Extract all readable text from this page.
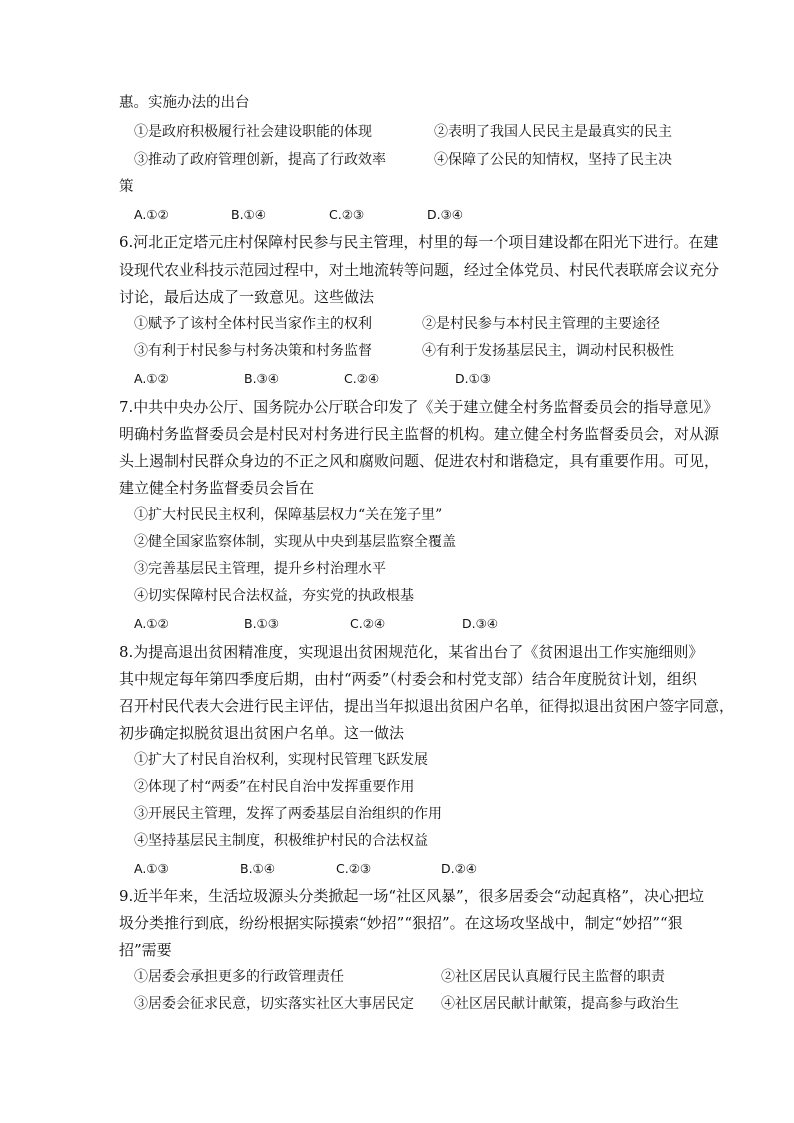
惠。实施办法的出台
①是政府积极履行社会建设职能的体现	②表明了我国人民民主是最真实的民主
③推动了政府管理创新，提高了行政效率	④保障了公民的知情权，坚持了民主决
策
A.①②	B.①④	C.②③	D.③④
6.河北正定塔元庄村保障村民参与民主管理，村里的每一个项目建设都在阳光下进行。在建
设现代农业科技示范园过程中，对土地流转等问题，经过全体党员、村民代表联席会议充分
讨论，最后达成了一致意见。这些做法
①赋予了该村全体村民当家作主的权利	②是村民参与本村民主管理的主要途径
③有利于村民参与村务决策和村务监督	④有利于发扬基层民主，调动村民积极性
A.①②	B.③④	C.②④	D.①③
7.中共中央办公厅、国务院办公厅联合印发了《关于建立健全村务监督委员会的指导意见》
明确村务监督委员会是村民对村务进行民主监督的机构。建立健全村务监督委员会，对从源
头上遏制村民群众身边的不正之风和腐败问题、促进农村和谐稳定，具有重要作用。可见，
建立健全村务监督委员会旨在
①扩大村民民主权利，保障基层权力“关在笼子里”
②健全国家监察体制，实现从中央到基层监察全覆盖
③完善基层民主管理，提升乡村治理水平
④切实保障村民合法权益，夯实党的执政根基
A.①②	B.①③	C.②④	D.③④
8.为提高退出贫困精准度，实现退出贫困规范化，某省出台了《贫困退出工作实施细则》
其中规定每年第四季度后期，由村“两委”（村委会和村党支部）结合年度脱贫计划，组织
召开村民代表大会进行民主评估，提出当年拟退出贫困户名单，征得拟退出贫困户签字同意，
初步确定拟脱贫退出贫困户名单。这一做法
①扩大了村民自治权利，实现村民管理飞跃发展
②体现了村“两委”在村民自治中发挥重要作用
③开展民主管理，发挥了两委基层自治组织的作用
④坚持基层民主制度，积极维护村民的合法权益
A.①③	B.①④	C.②③	D.②④
9.近半年来，生活垃圾源头分类掀起一场“社区风暴”，很多居委会“动起真格”，决心把垃
圾分类推行到底，纷纷根据实际摸索“妙招”“狠招”。在这场攻坚战中，制定“妙招”“狠
招”需要
①居委会承担更多的行政管理责任	②社区居民认真履行民主监督的职责
③居委会征求民意，切实落实社区大事居民定 ④社区居民献计献策，提高参与政治生
